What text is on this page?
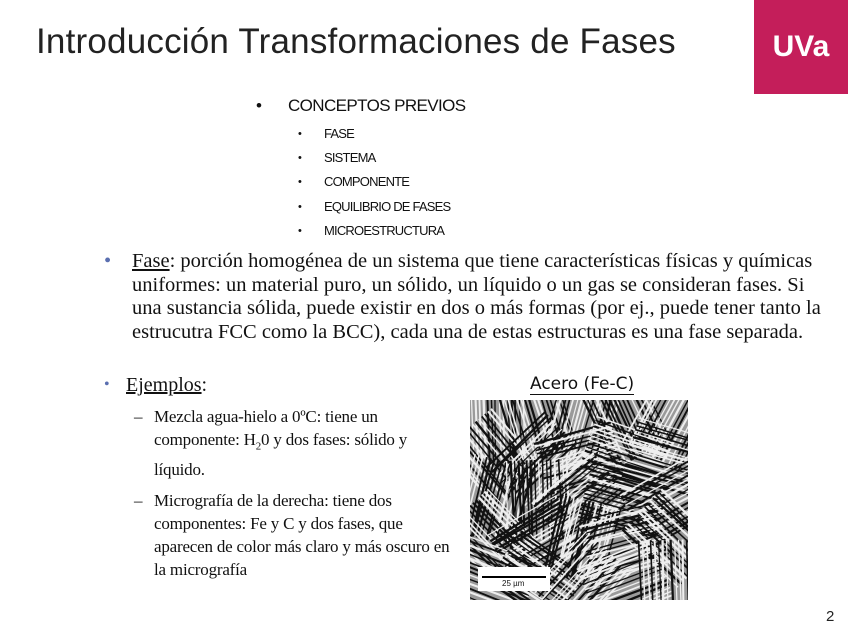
Introducción Transformaciones de Fases	UVa
• CONCEPTOS PREVIOS
• FASE
• SISTEMA
• COMPONENTE
• EQUILIBRIO DE FASES
• MICROESTRUCTURA
• Fase: porción homogénea de un sistema que tiene características físicas y químicas uniformes: un material puro, un sólido, un líquido o un gas se consideran fases. Si una sustancia sólida, puede existir en dos o más formas (por ej., puede tener tanto la estrucutra FCC como la BCC), cada una de estas estructuras es una fase separada.
• Ejemplos:
– Mezcla agua-hielo a 0ºC: tiene un componente: $H_20$ y dos fases: sólido y líquido.
– Micrografía de la derecha: tiene dos componentes: Fe y C y dos fases, que aparecen de color más claro y más oscuro en la micrografía
Acero (Fe-C)
25 µm
2
